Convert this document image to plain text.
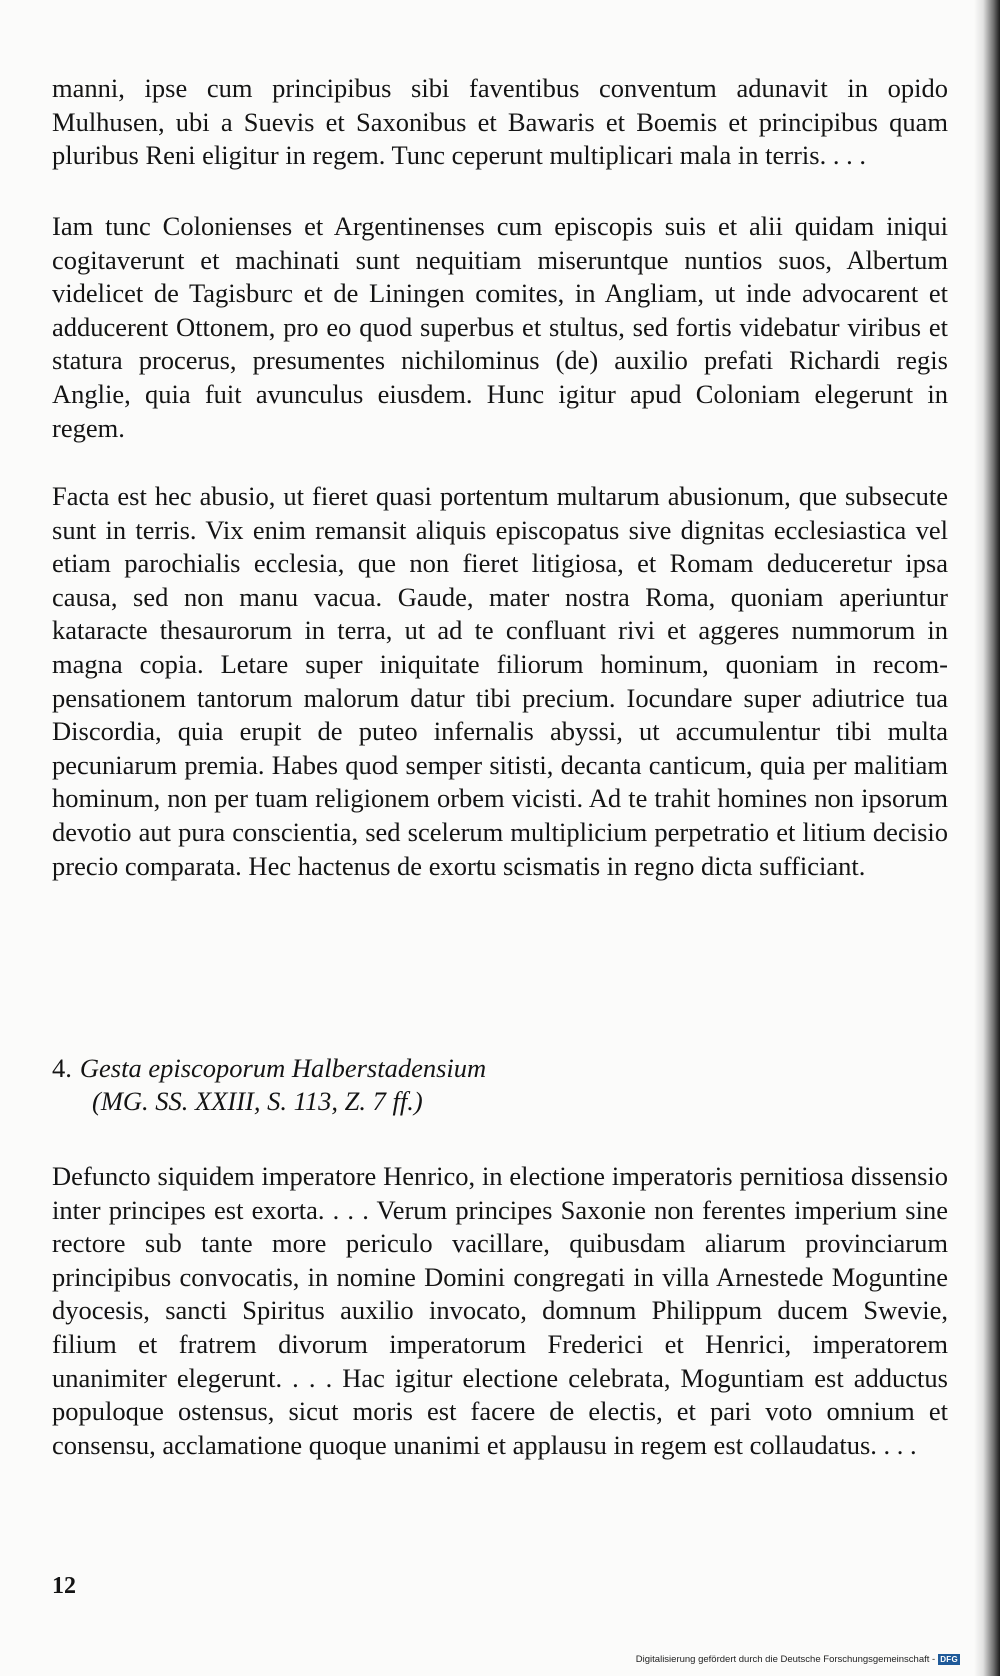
manni, ipse cum principibus sibi faventibus conventum adunavit in opido Mulhusen, ubi a Suevis et Saxonibus et Bawaris et Boemis et principibus quam pluribus Reni eligitur in regem. Tunc ceperunt multiplicari mala in terris. . . .

Iam tunc Colonienses et Argentinenses cum episcopis suis et alii quidam iniqui cogitaverunt et machinati sunt nequitiam miseruntque nuntios suos, Albertum videlicet de Tagisburc et de Liningen comites, in Angliam, ut inde advocarent et adducerent Ottonem, pro eo quod superbus et stultus, sed fortis videbatur viribus et statura procerus, presumentes nichilominus (de) auxilio prefati Richardi regis Anglie, quia fuit avunculus eiusdem. Hunc igitur apud Coloniam elegerunt in regem.

Facta est hec abusio, ut fieret quasi portentum multarum abusionum, que subsecute sunt in terris. Vix enim remansit aliquis episcopatus sive dignitas ecclesiastica vel etiam parochialis ecclesia, que non fieret litigiosa, et Romam deduceretur ipsa causa, sed non manu vacua. Gaude, mater nostra Roma, quoniam aperiuntur kataracte thesaurorum in terra, ut ad te confluant rivi et aggeres nummorum in magna copia. Letare super iniquitate filiorum hominum, quoniam in recompensationem tantorum malorum datur tibi precium. Iocundare super adiutrice tua Discordia, quia erupit de puteo infernalis abyssi, ut accumulentur tibi multa pecuniarum premia. Habes quod semper sitisti, decanta canticum, quia per malitiam hominum, non per tuam religionem orbem vicisti. Ad te trahit homines non ipsorum devotio aut pura conscientia, sed scelerum multiplicium perpetratio et litium decisio precio comparata. Hec hactenus de exortu scismatis in regno dicta sufficiant.

4. Gesta episcoporum Halberstadensium
(MG. SS. XXIII, S. 113, Z. 7 ff.)

Defuncto siquidem imperatore Henrico, in electione imperatoris pernitiosa dissensio inter principes est exorta. . . . Verum principes Saxonie non ferentes imperium sine rectore sub tante more periculo vacillare, quibusdam aliarum provinciarum principibus convocatis, in nomine Domini congregati in villa Arnestede Moguntine dyocesis, sancti Spiritus auxilio invocato, domnum Philippum ducem Swevie, filium et fratrem divorum imperatorum Frederici et Henrici, imperatorem unanimiter elegerunt. . . . Hac igitur electione celebrata, Moguntiam est adductus populoque ostensus, sicut moris est facere de electis, et pari voto omnium et consensu, acclamatione quoque unanimi et applausu in regem est collaudatus. . . .

12
Digitalisierung gefördert durch die Deutsche Forschungsgemeinschaft - DFG
